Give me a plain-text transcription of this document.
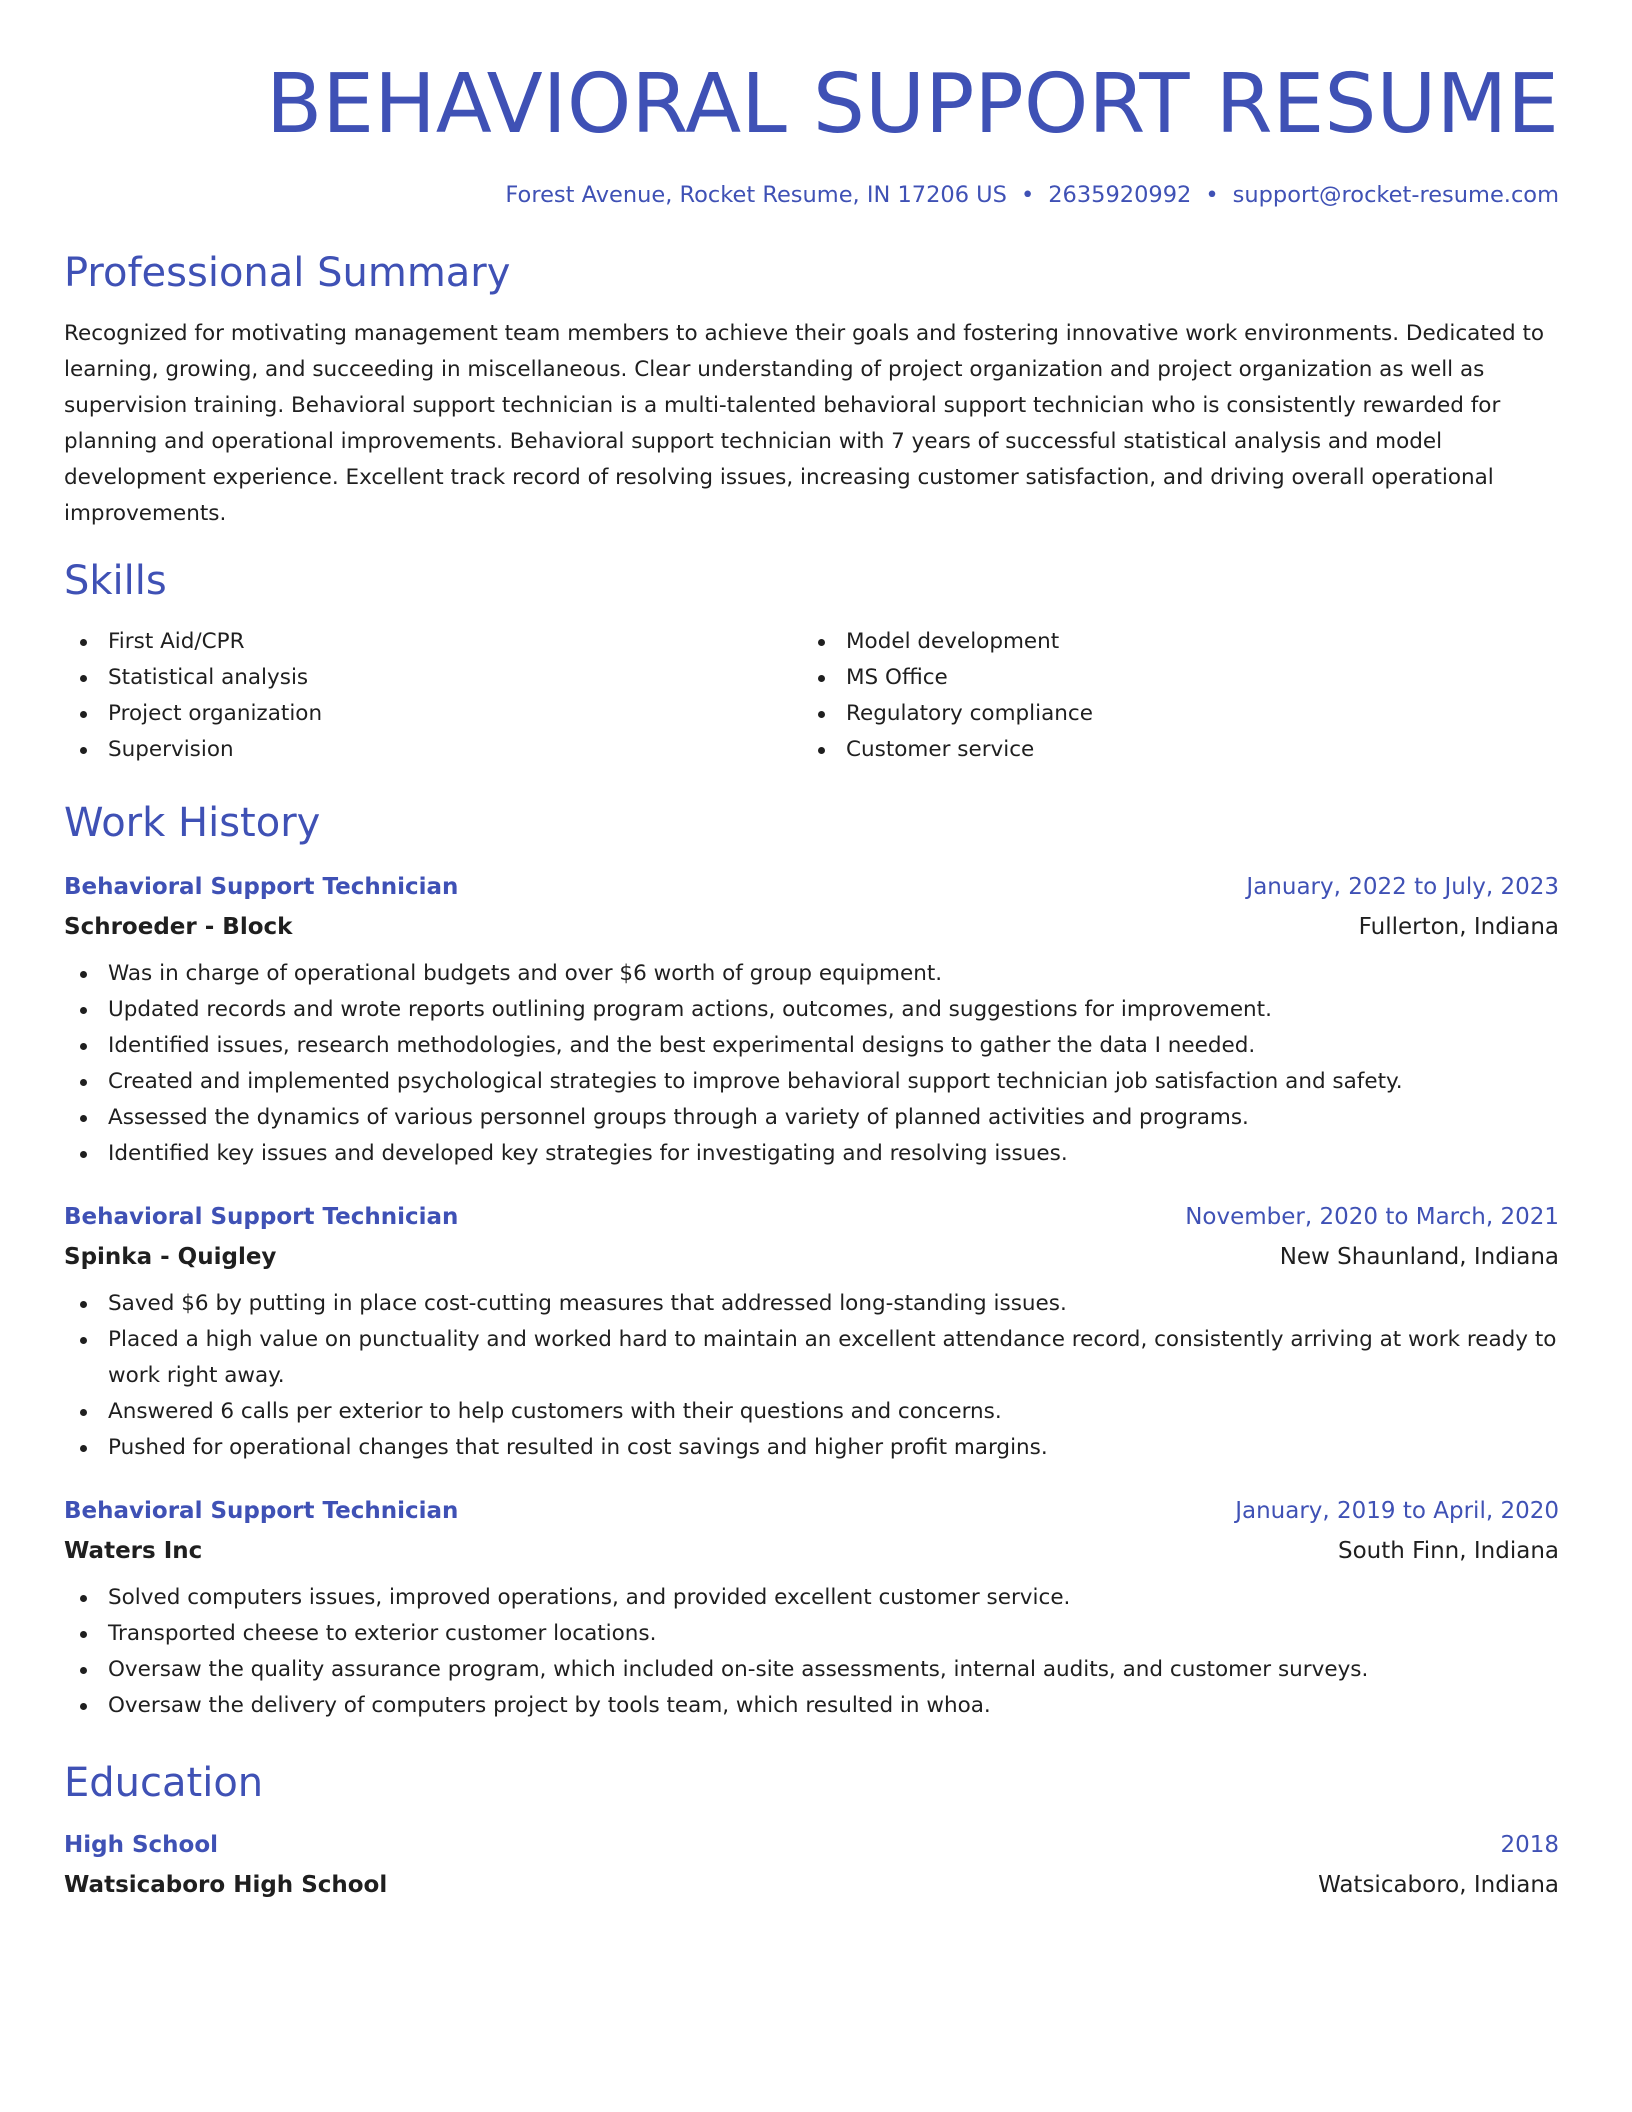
BEHAVIORAL SUPPORT RESUME
Forest Avenue, Rocket Resume, IN 17206 US • 2635920992 • support@rocket-resume.com
Professional Summary

Recognized for motivating management team members to achieve their goals and fostering innovative work environments. Dedicated to learning, growing, and succeeding in miscellaneous. Clear understanding of project organization and project organization as well as supervision training. Behavioral support technician is a multi-talented behavioral support technician who is consistently rewarded for planning and operational improvements. Behavioral support technician with 7 years of successful statistical analysis and model development experience. Excellent track record of resolving issues, increasing customer satisfaction, and driving overall operational improvements.

Skills
First Aid/CPR
Statistical analysis
Project organization
Supervision
Model development
MS Office
Regulatory compliance
Customer service
Work History
Behavioral Support Technician	January, 2022 to July, 2023
Schroeder - Block	Fullerton, Indiana
Was in charge of operational budgets and over $6 worth of group equipment.
Updated records and wrote reports outlining program actions, outcomes, and suggestions for improvement.
Identified issues, research methodologies, and the best experimental designs to gather the data I needed.
Created and implemented psychological strategies to improve behavioral support technician job satisfaction and safety.
Assessed the dynamics of various personnel groups through a variety of planned activities and programs.
Identified key issues and developed key strategies for investigating and resolving issues.
Behavioral Support Technician	November, 2020 to March, 2021
Spinka - Quigley	New Shaunland, Indiana
Saved $6 by putting in place cost-cutting measures that addressed long-standing issues.
Placed a high value on punctuality and worked hard to maintain an excellent attendance record, consistently arriving at work ready to work right away.
Answered 6 calls per exterior to help customers with their questions and concerns.
Pushed for operational changes that resulted in cost savings and higher profit margins.
Behavioral Support Technician	January, 2019 to April, 2020
Waters Inc	South Finn, Indiana
Solved computers issues, improved operations, and provided excellent customer service.
Transported cheese to exterior customer locations.
Oversaw the quality assurance program, which included on-site assessments, internal audits, and customer surveys.
Oversaw the delivery of computers project by tools team, which resulted in whoa.
Education
High School	2018
Watsicaboro High School	Watsicaboro, Indiana
